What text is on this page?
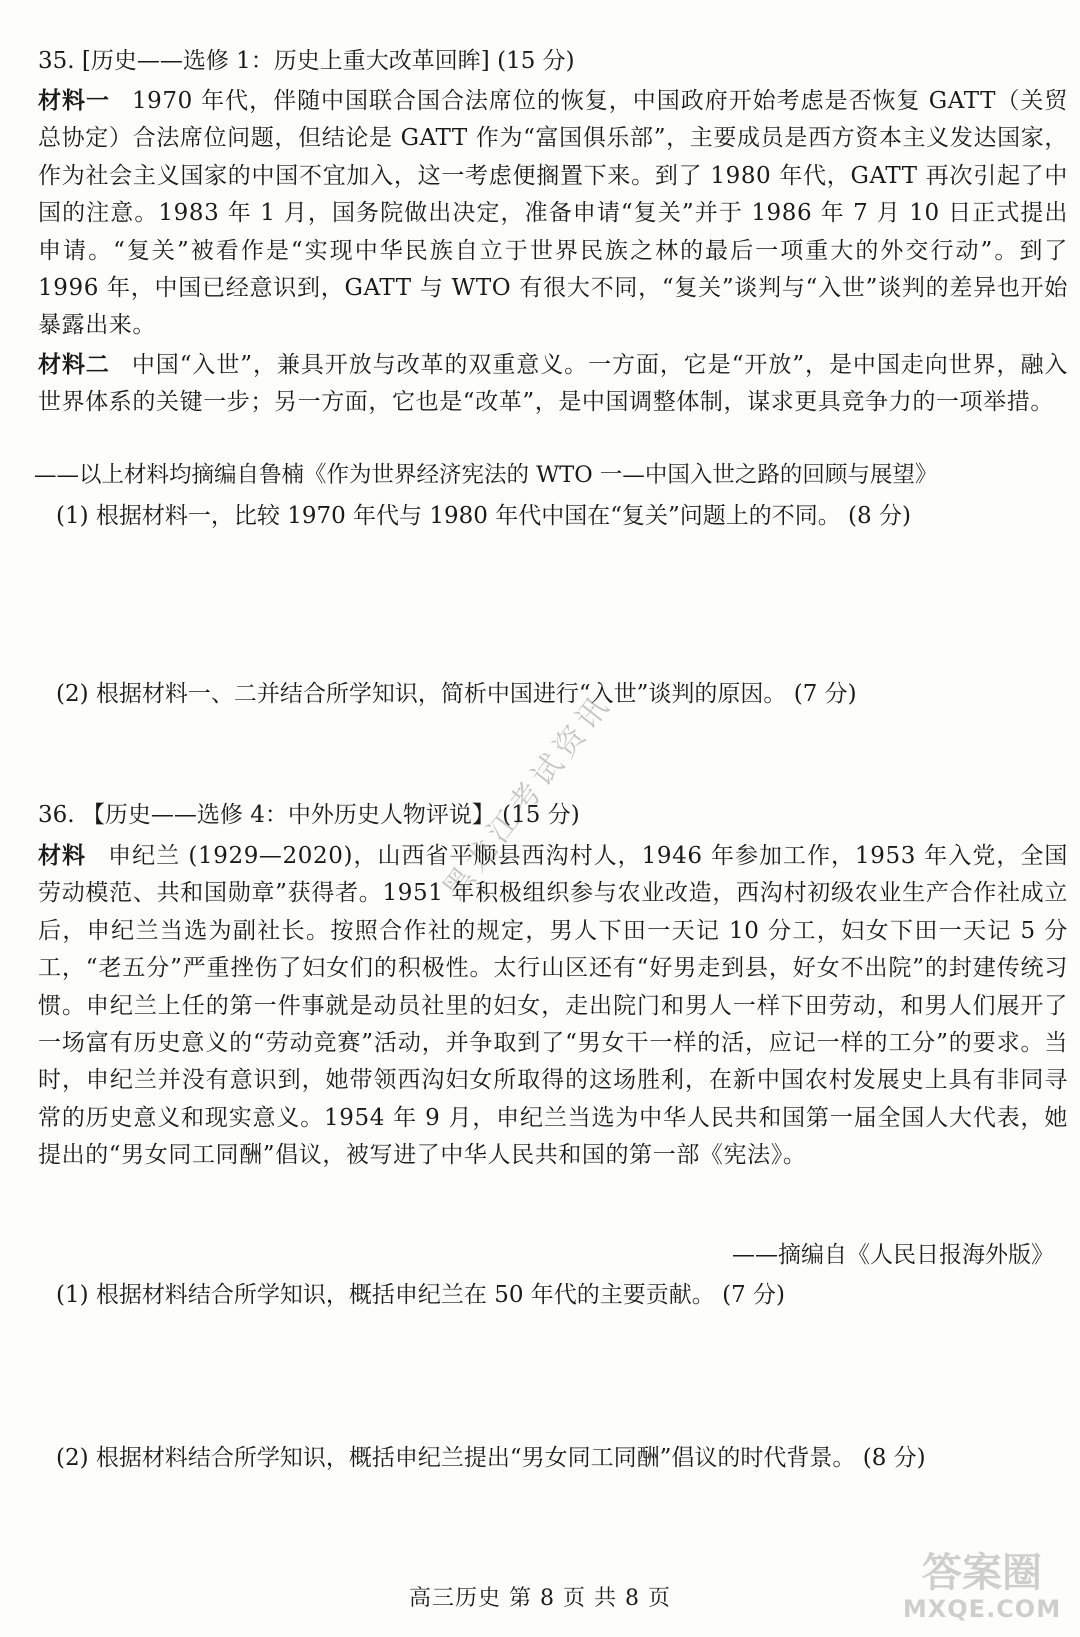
35. [历史——选修 1：历史上重大改革回眸] (15 分)
材料一 1970 年代，伴随中国联合国合法席位的恢复，中国政府开始考虑是否恢复 GATT（关贸总协定）合法席位问题，但结论是 GATT 作为“富国俱乐部”，主要成员是西方资本主义发达国家，作为社会主义国家的中国不宜加入，这一考虑便搁置下来。到了 1980 年代，GATT 再次引起了中国的注意。1983 年 1 月，国务院做出决定，准备申请“复关”并于 1986 年 7 月 10 日正式提出申请。“复关”被看作是“实现中华民族自立于世界民族之林的最后一项重大的外交行动”。到了 1996 年，中国已经意识到，GATT 与 WTO 有很大不同，“复关”谈判与“入世”谈判的差异也开始暴露出来。
材料二 中国“入世”，兼具开放与改革的双重意义。一方面，它是“开放”，是中国走向世界，融入世界体系的关键一步；另一方面，它也是“改革”，是中国调整体制，谋求更具竞争力的一项举措。
——以上材料均摘编自鲁楠《作为世界经济宪法的 WTO 一—中国入世之路的回顾与展望》
(1) 根据材料一，比较 1970 年代与 1980 年代中国在“复关”问题上的不同。 (8 分)
(2) 根据材料一、二并结合所学知识，简析中国进行“入世”谈判的原因。 (7 分)
36. 【历史——选修 4：中外历史人物评说】 (15 分)
材料 申纪兰 (1929—2020)，山西省平顺县西沟村人，1946 年参加工作，1953 年入党，全国劳动模范、共和国勋章”获得者。1951 年积极组织参与农业改造，西沟村初级农业生产合作社成立后，申纪兰当选为副社长。按照合作社的规定，男人下田一天记 10 分工，妇女下田一天记 5 分工，“老五分”严重挫伤了妇女们的积极性。太行山区还有“好男走到县，好女不出院”的封建传统习惯。申纪兰上任的第一件事就是动员社里的妇女，走出院门和男人一样下田劳动，和男人们展开了一场富有历史意义的“劳动竞赛”活动，并争取到了“男女干一样的活，应记一样的工分”的要求。当时，申纪兰并没有意识到，她带领西沟妇女所取得的这场胜利，在新中国农村发展史上具有非同寻常的历史意义和现实意义。1954 年 9 月，申纪兰当选为中华人民共和国第一届全国人大代表，她提出的“男女同工同酬”倡议，被写进了中华人民共和国的第一部《宪法》。
——摘编自《人民日报海外版》
(1) 根据材料结合所学知识，概括申纪兰在 50 年代的主要贡献。 (7 分)
(2) 根据材料结合所学知识，概括申纪兰提出“男女同工同酬”倡议的时代背景。 (8 分)
黑龙江考试资讯
答案圈
MXQE.COM
高三历史 第 8 页 共 8 页
